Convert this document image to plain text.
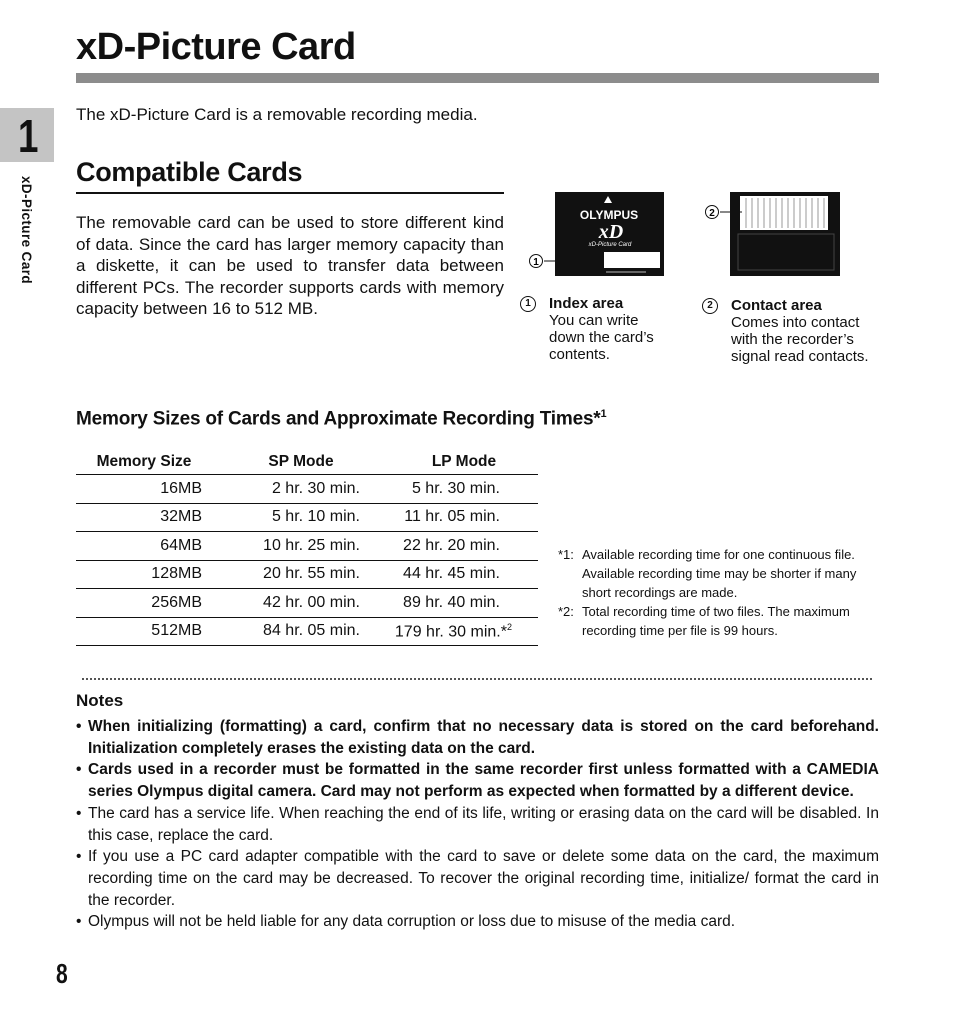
xD-Picture Card
1
xD-Picture Card
The xD-Picture Card is a removable recording media.
Compatible Cards

The removable card can be used to store different kind of data. Since the card has larger memory capacity than a diskette, it can be used to transfer data between different PCs. The recorder supports cards with memory capacity between 16 to 512 MB.

OLYMPUS
xD
xD-Picture Card
1
2
1	Index area
You can write down the card’s contents.
2	Contact area
Comes into contact with the recorder’s signal read contacts.
Memory Sizes of Cards and Approximate Recording Times*$^1$
Memory Size	SP Mode	LP Mode
16MB	2 hr. 30 min.	5 hr. 30 min.
32MB	5 hr. 10 min.	11 hr. 05 min.
64MB	10 hr. 25 min.	22 hr. 20 min.
128MB	20 hr. 55 min.	44 hr. 45 min.
256MB	42 hr. 00 min.	89 hr. 40 min.
512MB	84 hr. 05 min.	179 hr. 30 min.*$^2$
*1: Available recording time for one continuous file. Available recording time may be shorter if many short recordings are made.
*2: Total recording time of two files. The maximum recording time per file is 99 hours.
Notes
• When initializing (formatting) a card, confirm that no necessary data is stored on the card beforehand. Initialization completely erases the existing data on the card.
• Cards used in a recorder must be formatted in the same recorder first unless formatted with a CAMEDIA series Olympus digital camera. Card may not perform as expected when formatted by a different device.
• The card has a service life. When reaching the end of its life, writing or erasing data on the card will be disabled. In this case, replace the card.
• If you use a PC card adapter compatible with the card to save or delete some data on the card, the maximum recording time on the card may be decreased. To recover the original recording time, initialize/ format the card in the recorder.
• Olympus will not be held liable for any data corruption or loss due to misuse of the media card.
8
